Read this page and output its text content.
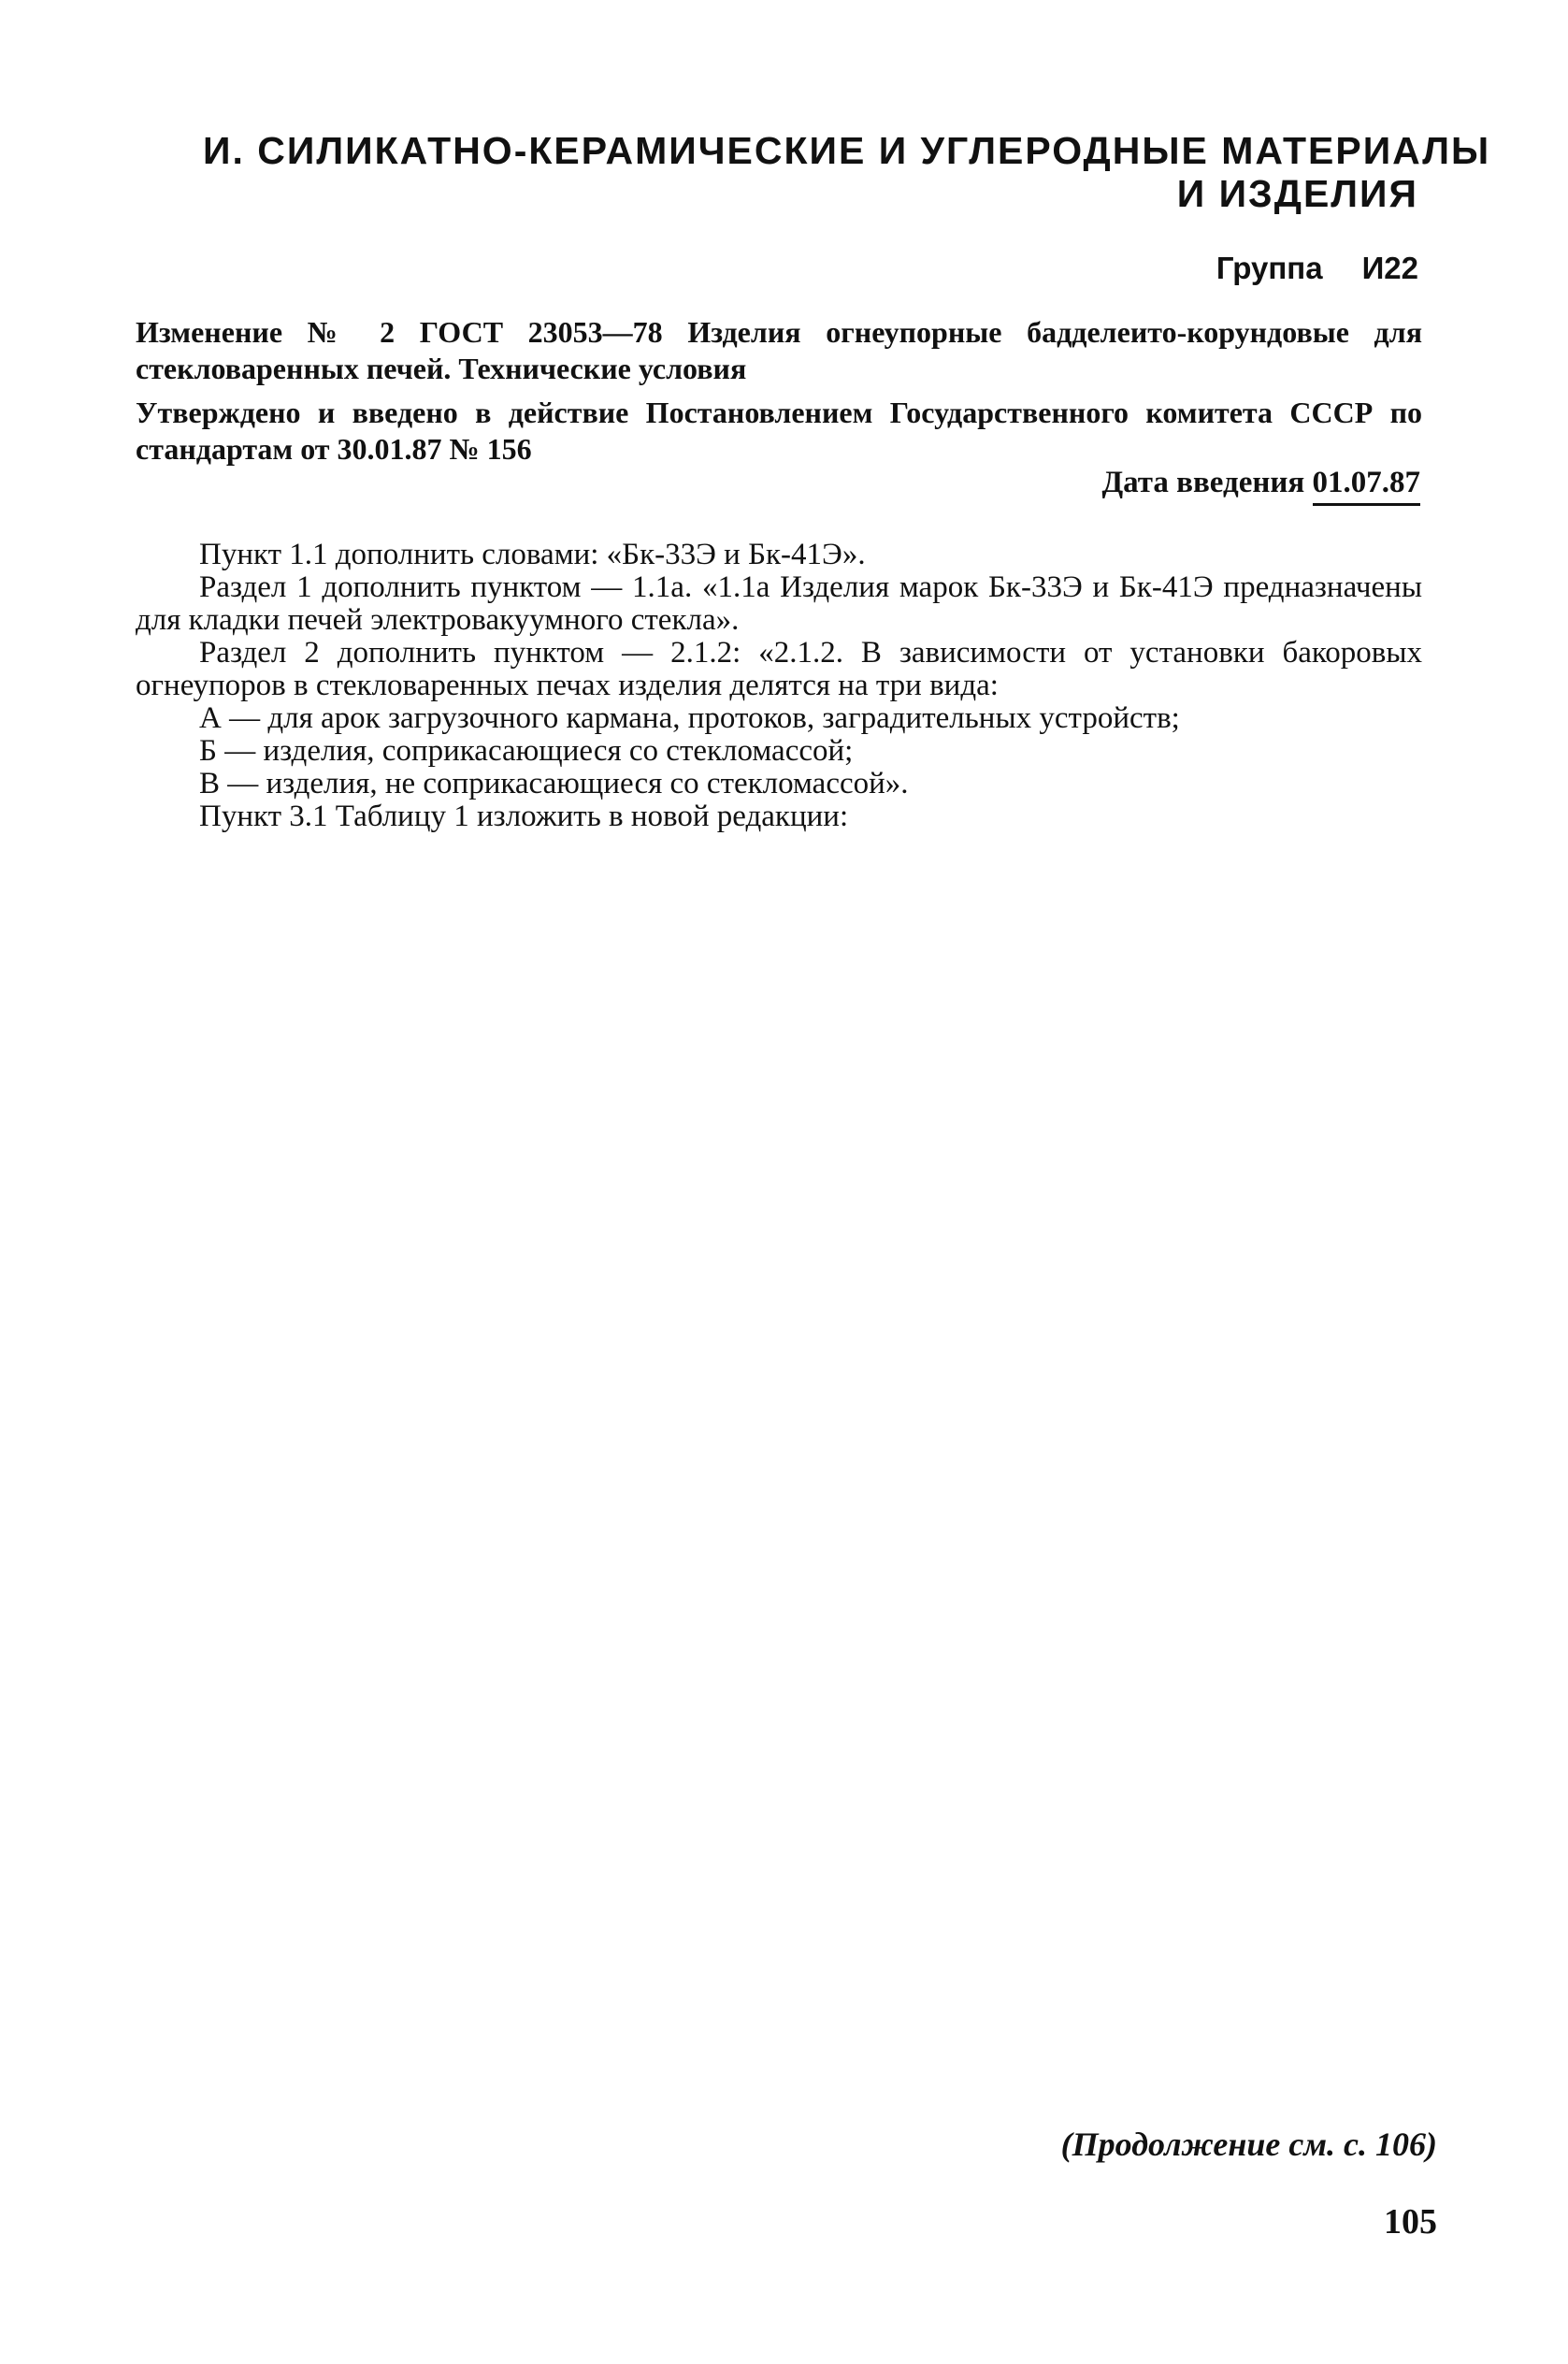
И. СИЛИКАТНО-КЕРАМИЧЕСКИЕ И УГЛЕРОДНЫЕ МАТЕРИАЛЫ
И ИЗДЕЛИЯ
Группа И22
Изменение № 2 ГОСТ 23053—78 Изделия огнеупорные бадделеито-корундовые для стекловаренных печей. Технические условия
Утверждено и введено в действие Постановлением Государственного комитета СССР по стандартам от 30.01.87 № 156
Дата введения 01.07.87

Пункт 1.1 дополнить словами: «Бк-33Э и Бк-41Э».

Раздел 1 дополнить пунктом — 1.1а. «1.1а Изделия марок Бк-33Э и Бк-41Э предназначены для кладки печей электровакуумного стекла».

Раздел 2 дополнить пунктом — 2.1.2: «2.1.2. В зависимости от установки бакоровых огнеупоров в стекловаренных печах изделия делятся на три вида:

А — для арок загрузочного кармана, протоков, заградительных устройств;

Б — изделия, соприкасающиеся со стекломассой;

В — изделия, не соприкасающиеся со стекломассой».

Пункт 3.1 Таблицу 1 изложить в новой редакции:

(Продолжение см. с. 106)
105
